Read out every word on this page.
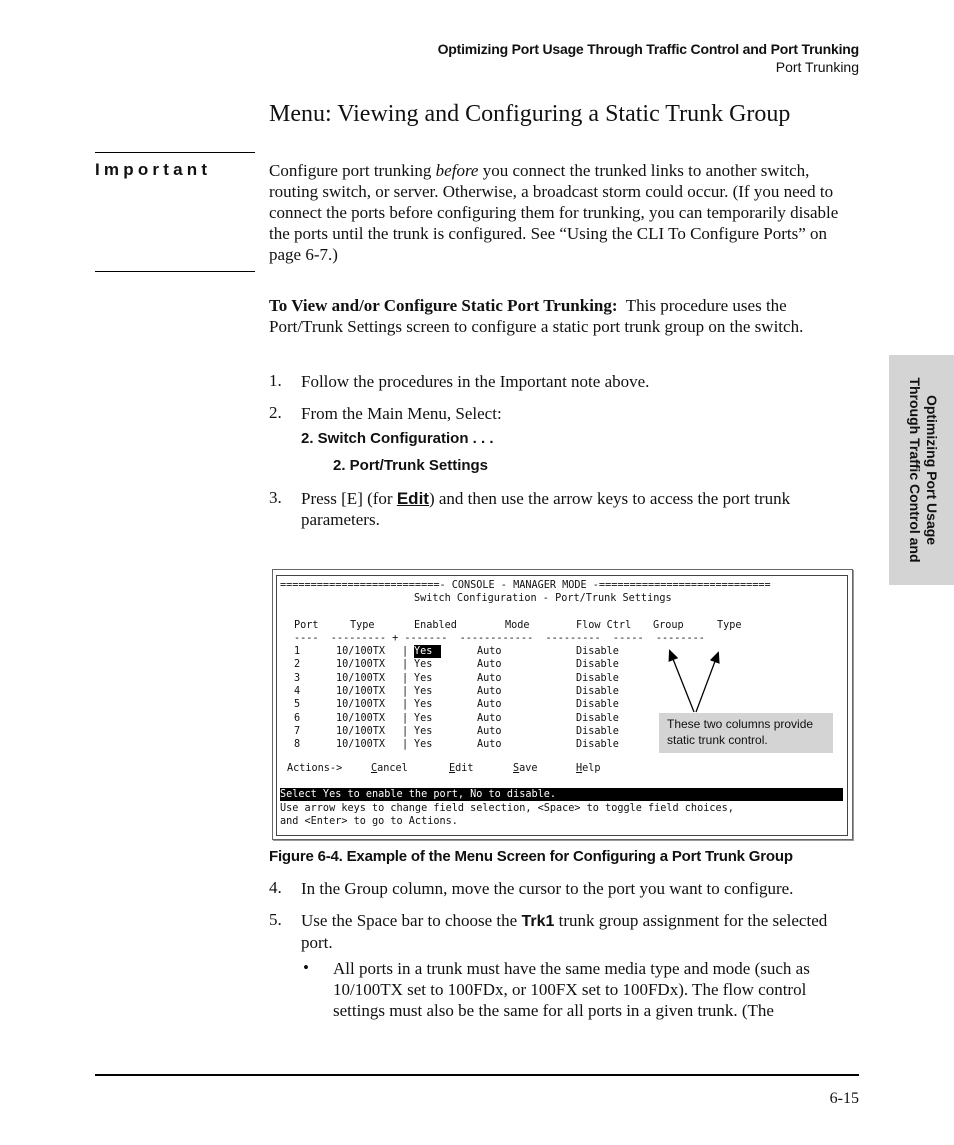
Optimizing Port Usage Through Traffic Control and Port Trunking
Port Trunking
Menu: Viewing and Configuring a Static Trunk Group
Important	Configure port trunking before you connect the trunked links to another switch, routing switch, or server. Otherwise, a broadcast storm could occur. (If you need to connect the ports before configuring them for trunking, you can temporarily disable the ports until the trunk is configured. See “Using the CLI To Configure Ports” on page 6-7.)
To View and/or Configure Static Port Trunking:  This procedure uses the Port/Trunk Settings screen to configure a static port trunk group on the switch.
1. Follow the procedures in the Important note above.
2. From the Main Menu, Select:
2. Switch Configuration . . .
2. Port/Trunk Settings
3. Press [E] (for Edit) and then use the arrow keys to access the port trunk parameters.
==========================- CONSOLE - MANAGER MODE -============================
Switch Configuration - Port/Trunk Settings
Port	Type	Enabled	Mode	Flow Ctrl Group	Type
----  --------- + -------  ------------  ---------  -----  --------
1	10/100TX | Yes	Auto	Disable
2	10/100TX | Yes	Auto	Disable
3	10/100TX | Yes	Auto	Disable
4	10/100TX | Yes	Auto	Disable
5	10/100TX | Yes	Auto	Disable
6	10/100TX | Yes	Auto	Disable
7	10/100TX | Yes	Auto	Disable
8	10/100TX | Yes	Auto	Disable
Actions->	Cancel	Edit	Save	Help
Select Yes to enable the port, No to disable.
Use arrow keys to change field selection, <Space> to toggle field choices,
and <Enter> to go to Actions.
These two columns provide
static trunk control.
Figure 6-4. Example of the Menu Screen for Configuring a Port Trunk Group
4. In the Group column, move the cursor to the port you want to configure.
5. Use the Space bar to choose the Trk1 trunk group assignment for the selected port.
• All ports in a trunk must have the same media type and mode (such as 10/100TX set to 100FDx, or 100FX set to 100FDx). The flow control settings must also be the same for all ports in a given trunk. (The
Optimizing Port Usage
Through Traffic Control and
6-15
